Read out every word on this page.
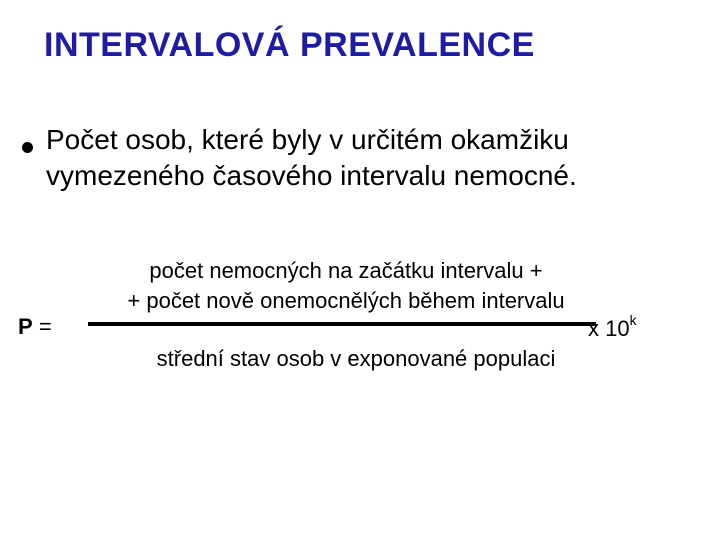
INTERVALOVÁ PREVALENCE
Počet osob, které byly v určitém okamžiku vymezeného časového intervalu nemocné.
P =
počet nemocných na začátku intervalu +
+ počet nově onemocnělých během intervalu
x 10$^k$
střední stav osob v exponované populaci
